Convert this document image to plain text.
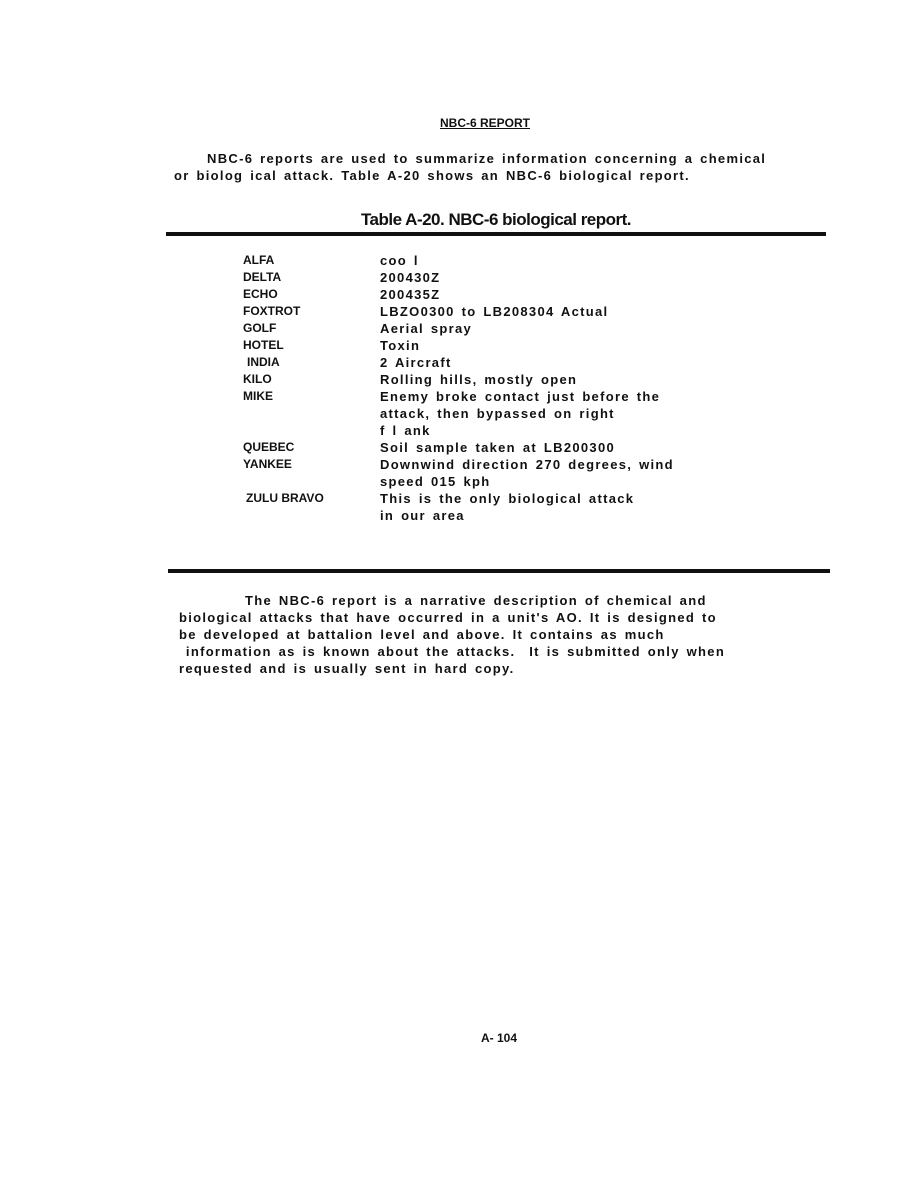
NBC-6 REPORT
NBC-6 reports are used to summarize information concerning a chemical
or biolog ical attack. Table A-20 shows an NBC-6 biological report.
Table A-20. NBC-6 biological report.
ALFA	coo l
DELTA	200430Z
ECHO	200435Z
FOXTROT	LBZO0300 to LB208304 Actual
GOLF	Aerial spray
HOTEL	Toxin
INDIA	2 Aircraft
KILO	Rolling hills, mostly open
MIKE	Enemy broke contact just before the
attack, then bypassed on right
f l ank
QUEBEC	Soil sample taken at LB200300
YANKEE	Downwind direction 270 degrees, wind
speed 015 kph
ZULU BRAVO	This is the only biological attack
in our area
The NBC-6 report is a narrative description of chemical and
biological attacks that have occurred in a unit's AO. It is designed to
be developed at battalion level and above. It contains as much
information as is known about the attacks.  It is submitted only when
requested and is usually sent in hard copy.
A- 104
